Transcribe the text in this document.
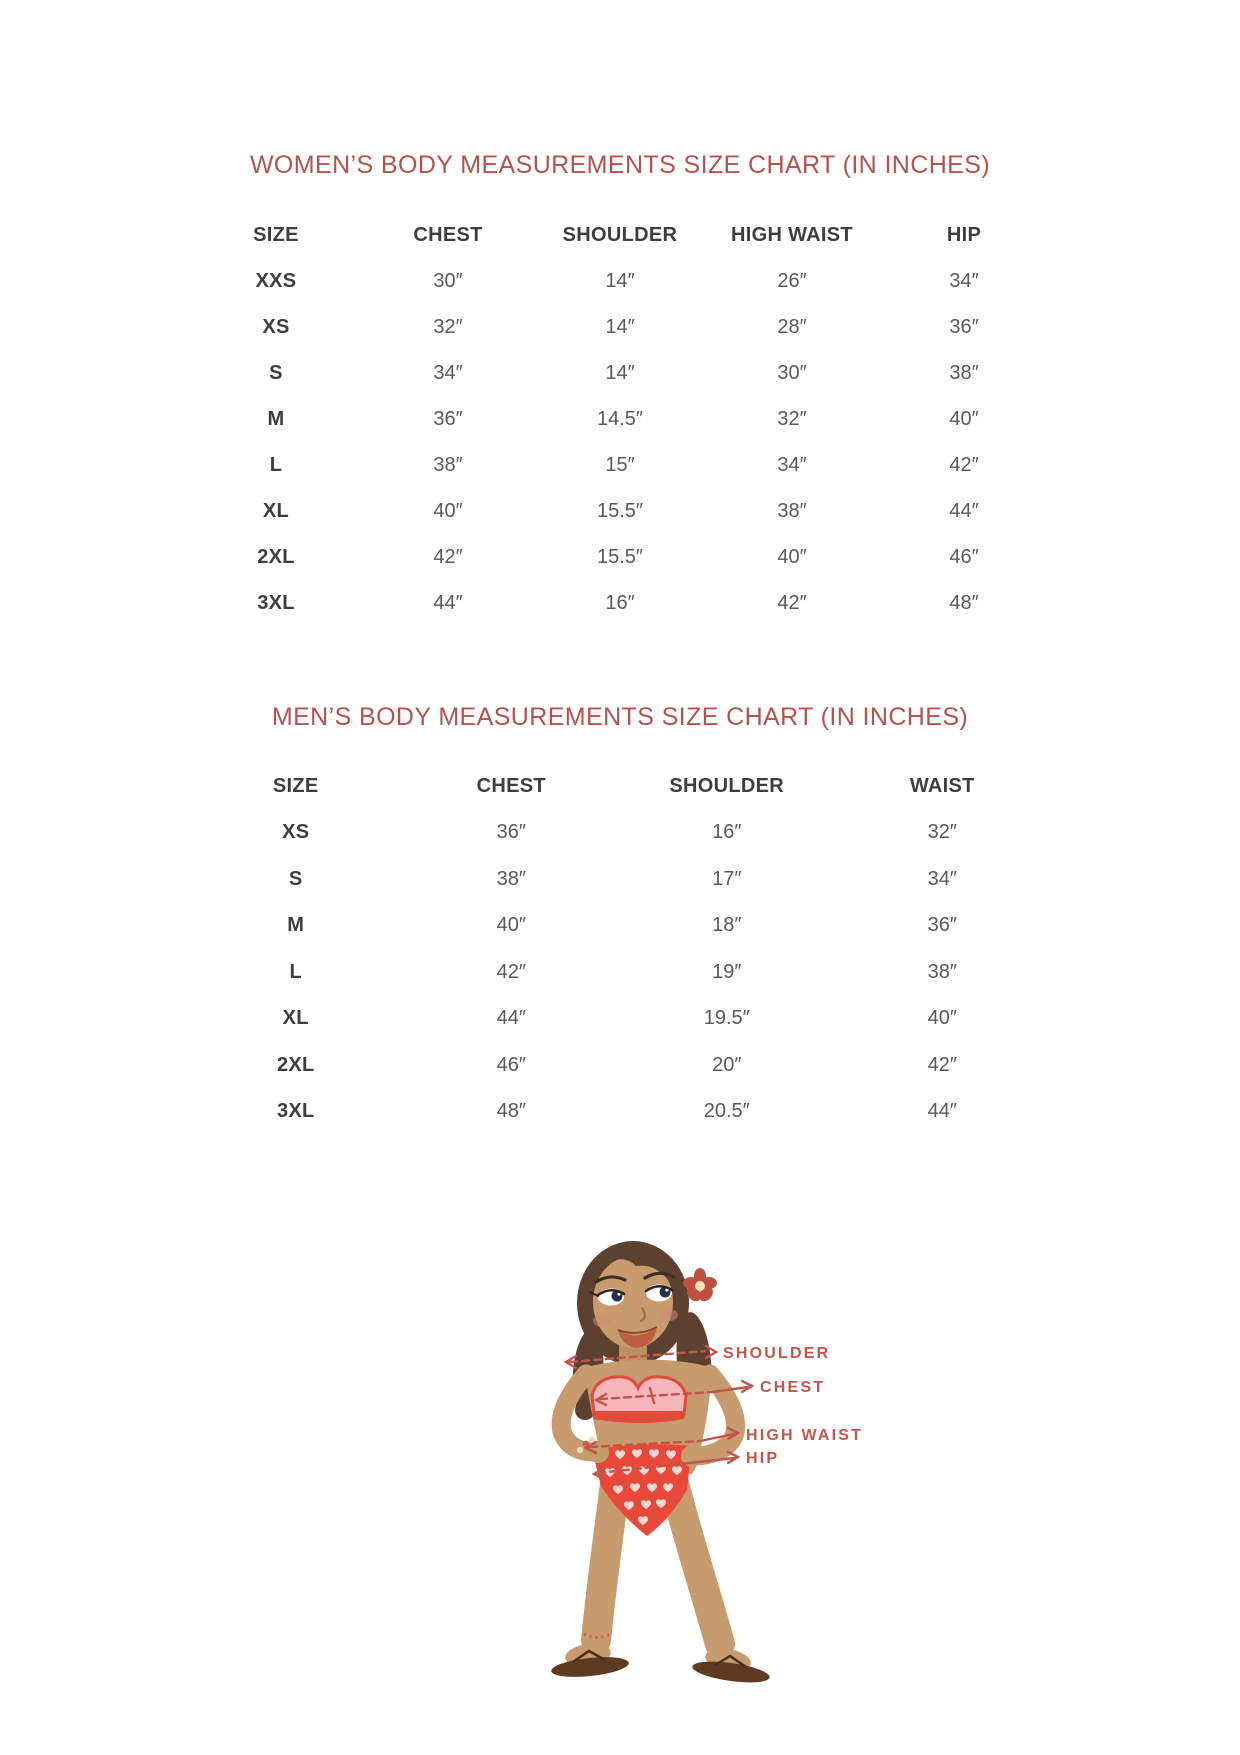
WOMEN’S BODY MEASUREMENTS SIZE CHART (IN INCHES)
SIZE	CHEST	SHOULDER	HIGH WAIST	HIP
XXS	30″	14″	26″	34″
XS	32″	14″	28″	36″
S	34″	14″	30″	38″
M	36″	14.5″	32″	40″
L	38″	15″	34″	42″
XL	40″	15.5″	38″	44″
2XL	42″	15.5″	40″	46″
3XL	44″	16″	42″	48″
MEN’S BODY MEASUREMENTS SIZE CHART (IN INCHES)
SIZE	CHEST	SHOULDER	WAIST
XS	36″	16″	32″
S	38″	17″	34″
M	40″	18″	36″
L	42″	19″	38″
XL	44″	19.5″	40″
2XL	46″	20″	42″
3XL	48″	20.5″	44″
SHOULDER
CHEST
HIGH WAIST
HIP
